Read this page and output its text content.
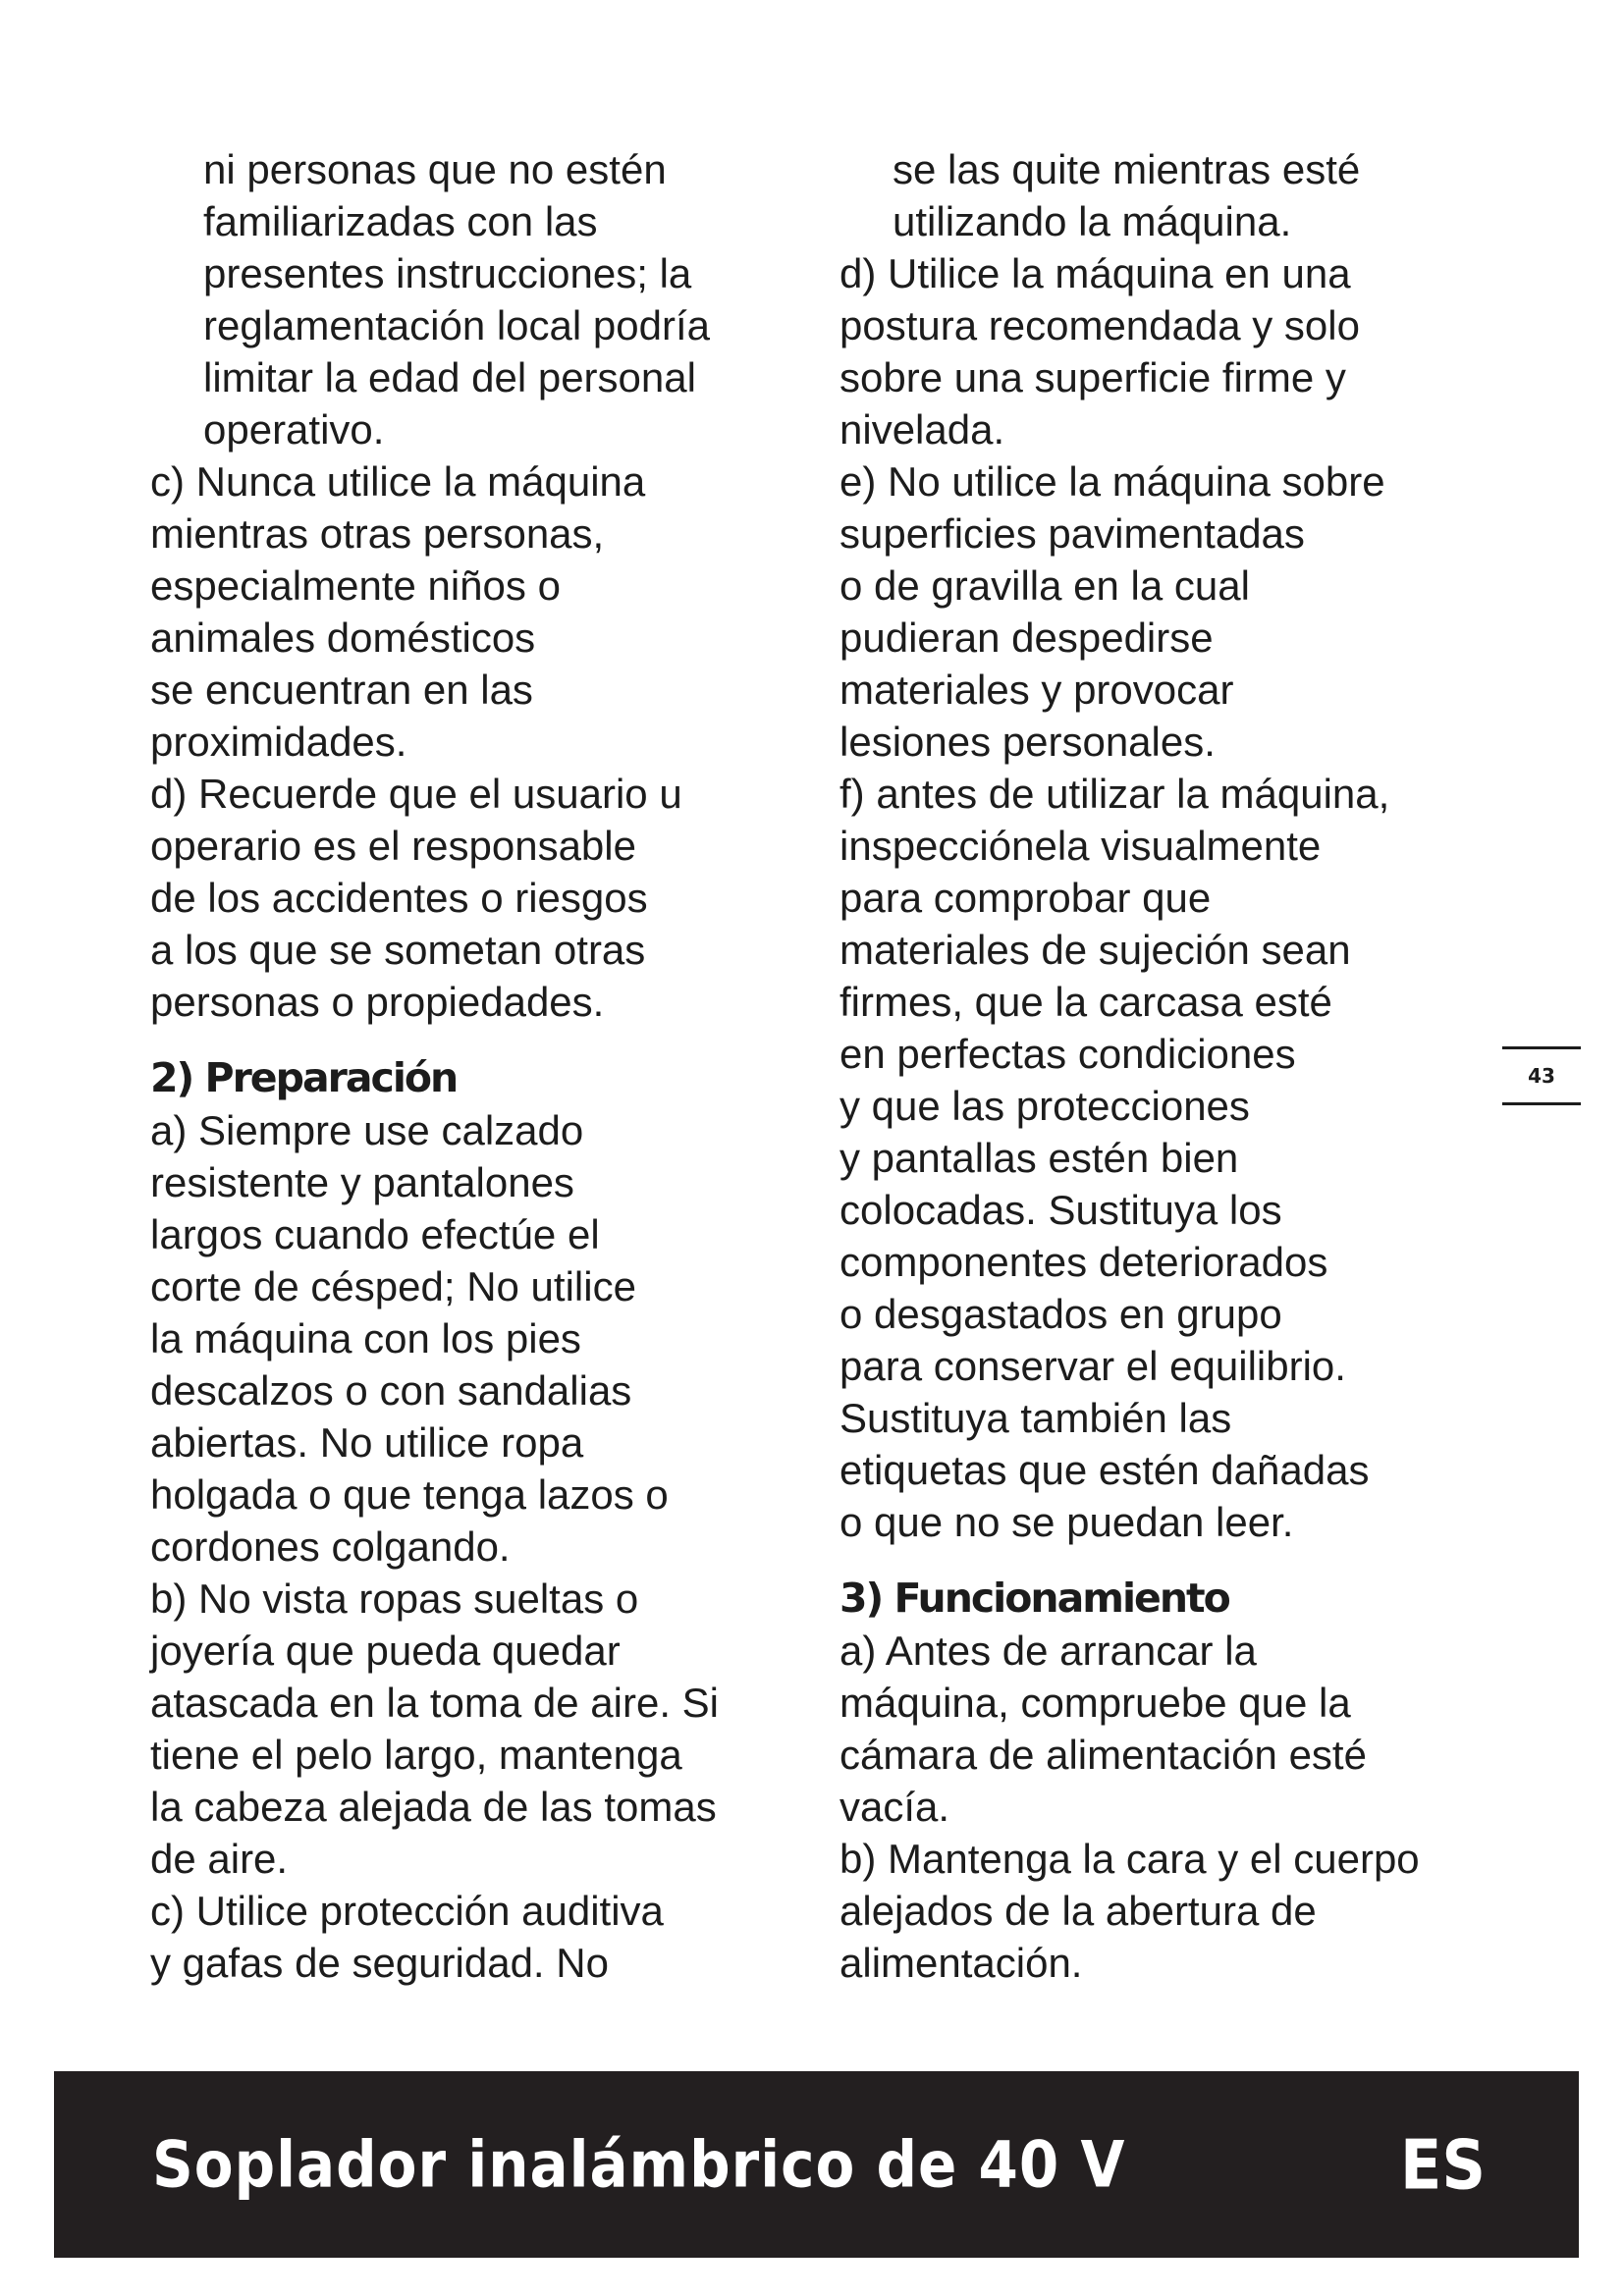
ni personas que no estén
familiarizadas con las
presentes instrucciones; la
reglamentación local podría
limitar la edad del personal
operativo.

c) Nunca utilice la máquina
mientras otras personas,
especialmente niños o
animales domésticos
se encuentran en las
proximidades.

d) Recuerde que el usuario u
operario es el responsable
de los accidentes o riesgos
a los que se sometan otras
personas o propiedades.

2) Preparación

a) Siempre use calzado
resistente y pantalones
largos cuando efectúe el
corte de césped; No utilice
la máquina con los pies
descalzos o con sandalias
abiertas. No utilice ropa
holgada o que tenga lazos o
cordones colgando.

b) No vista ropas sueltas o
joyería que pueda quedar
atascada en la toma de aire. Si
tiene el pelo largo, mantenga
la cabeza alejada de las tomas
de aire.

c) Utilice protección auditiva
y gafas de seguridad. No

se las quite mientras esté
utilizando la máquina.

d) Utilice la máquina en una
postura recomendada y solo
sobre una superficie firme y
nivelada.

e) No utilice la máquina sobre
superficies pavimentadas
o de gravilla en la cual
pudieran despedirse
materiales y provocar
lesiones personales.

f) antes de utilizar la máquina,
inspecciónela visualmente
para comprobar que
materiales de sujeción sean
firmes, que la carcasa esté
en perfectas condiciones
y que las protecciones
y pantallas estén bien
colocadas. Sustituya los
componentes deteriorados
o desgastados en grupo
para conservar el equilibrio.
Sustituya también las
etiquetas que estén dañadas
o que no se puedan leer.

3) Funcionamiento

a) Antes de arrancar la
máquina, compruebe que la
cámara de alimentación esté
vacía.

b) Mantenga la cara y el cuerpo
alejados de la abertura de
alimentación.

43
Soplador inalámbrico de 40 V	ES
